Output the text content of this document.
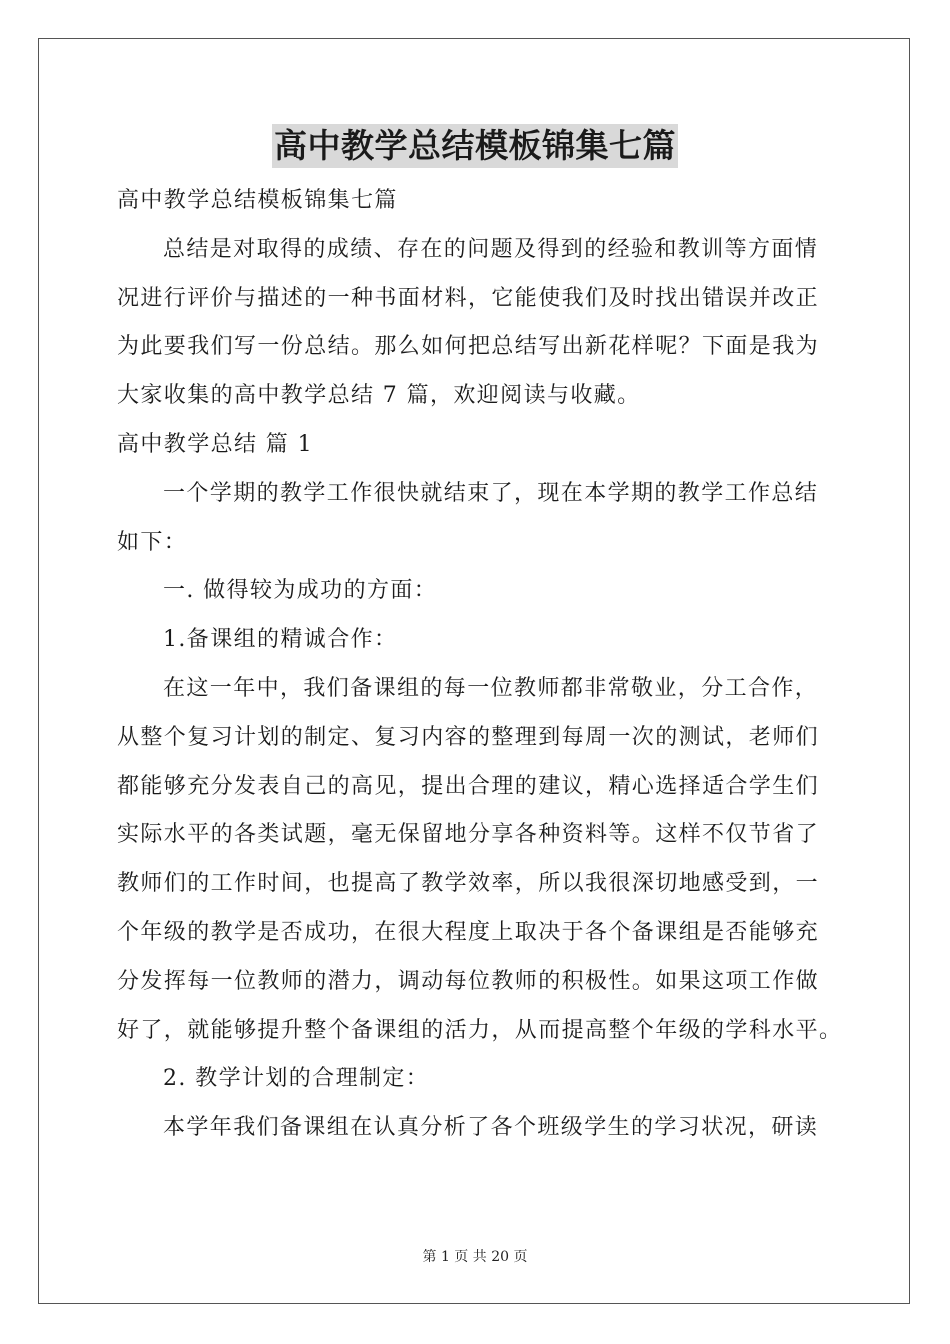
高中教学总结模板锦集七篇
高中教学总结模板锦集七篇
总结是对取得的成绩、存在的问题及得到的经验和教训等方面情
况进行评价与描述的一种书面材料，它能使我们及时找出错误并改正
为此要我们写一份总结。那么如何把总结写出新花样呢？下面是我为
大家收集的高中教学总结 7 篇，欢迎阅读与收藏。
高中教学总结 篇 1
一个学期的教学工作很快就结束了，现在本学期的教学工作总结
如下：
一. 做得较为成功的方面：
1.备课组的精诚合作：
在这一年中，我们备课组的每一位教师都非常敬业，分工合作，
从整个复习计划的制定、复习内容的整理到每周一次的测试，老师们
都能够充分发表自己的高见，提出合理的建议，精心选择适合学生们
实际水平的各类试题，毫无保留地分享各种资料等。这样不仅节省了
教师们的工作时间，也提高了教学效率，所以我很深切地感受到，一
个年级的教学是否成功，在很大程度上取决于各个备课组是否能够充
分发挥每一位教师的潜力，调动每位教师的积极性。如果这项工作做
好了，就能够提升整个备课组的活力，从而提高整个年级的学科水平。
2. 教学计划的合理制定：
本学年我们备课组在认真分析了各个班级学生的学习状况，研读
第 1 页 共 20 页
